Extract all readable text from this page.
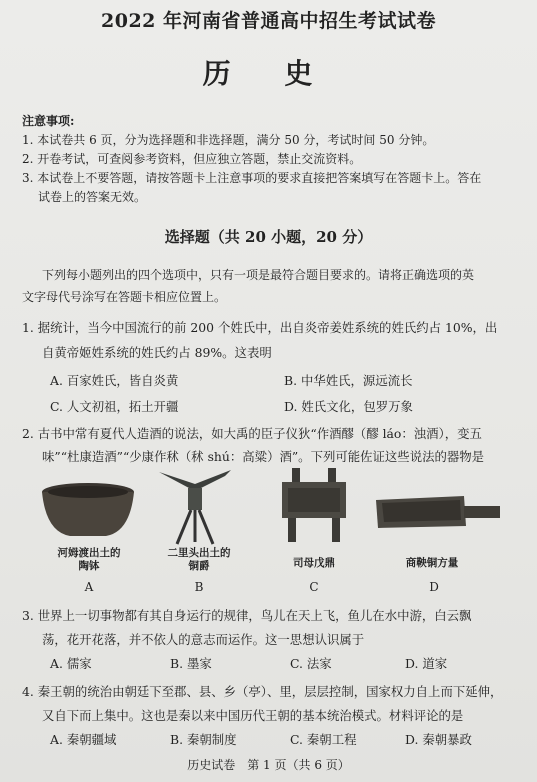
2022 年河南省普通高中招生考试试卷
历 史
注意事项:
1. 本试卷共 6 页，分为选择题和非选择题，满分 50 分，考试时间 50 分钟。
2. 开卷考试，可查阅参考资料，但应独立答题，禁止交流资料。
3. 本试卷上不要答题，请按答题卡上注意事项的要求直接把答案填写在答题卡上。答在
试卷上的答案无效。
选择题（共 20 小题，20 分）
下列每小题列出的四个选项中，只有一项是最符合题目要求的。请将正确选项的英
文字母代号涂写在答题卡相应位置上。
1. 据统计，当今中国流行的前 200 个姓氏中，出自炎帝姜姓系统的姓氏约占 10%，出
自黄帝姬姓系统的姓氏约占 89%。这表明
A. 百家姓氏，皆自炎黄	B. 中华姓氏，源远流长
C. 人文初祖，拓土开疆	D. 姓氏文化，包罗万象
2. 古书中常有夏代人造酒的说法，如大禹的臣子仪狄“作酒醪（醪 láo：浊酒），变五
味”“杜康造酒”“少康作秫（秫 shú：高粱）酒”。下列可能佐证这些说法的器物是
河姆渡出土的陶钵
A
二里头出土的铜爵
B
司母戊鼎
C
商鞅铜方量
D
3. 世界上一切事物都有其自身运行的规律，鸟儿在天上飞，鱼儿在水中游，白云飘
荡，花开花落，并不依人的意志而运作。这一思想认识属于
A. 儒家	B. 墨家	C. 法家	D. 道家
4. 秦王朝的统治由朝廷下至郡、县、乡（亭）、里，层层控制，国家权力自上而下延伸，
又自下而上集中。这也是秦以来中国历代王朝的基本统治模式。材料评论的是
A. 秦朝疆域	B. 秦朝制度	C. 秦朝工程	D. 秦朝暴政
历史试卷　第 1 页（共 6 页）
